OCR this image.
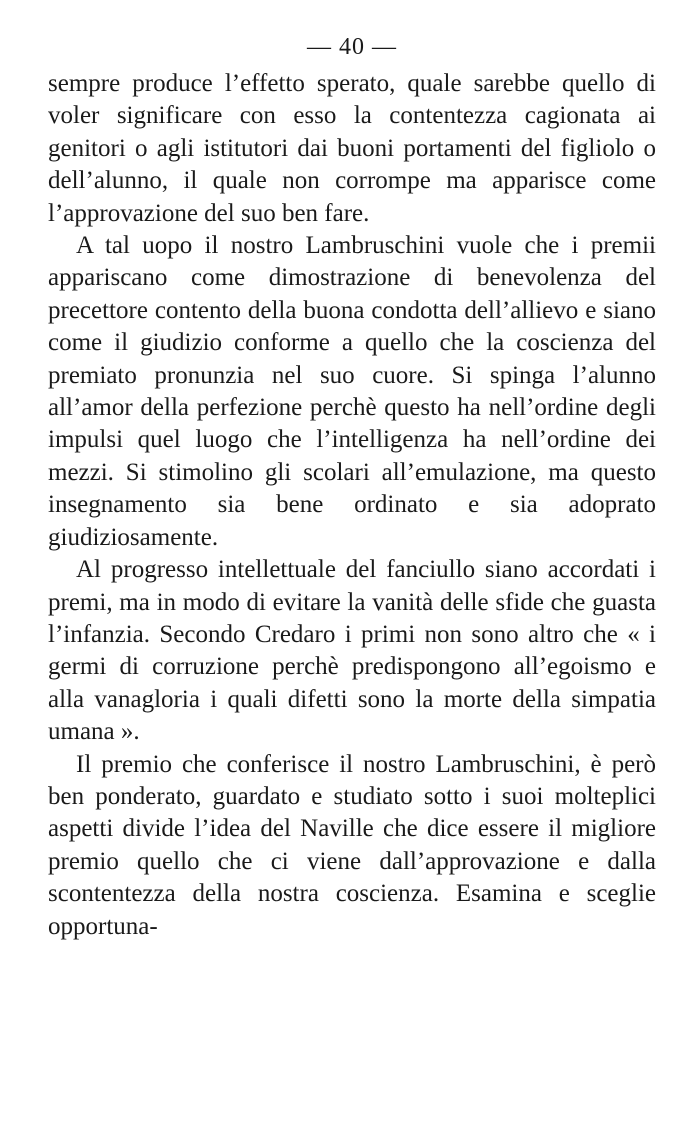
— 40 —

sempre produce l’effetto sperato, quale sarebbe quello di voler significare con esso la contentezza cagionata ai genitori o agli istitutori dai buoni portamenti del figliolo o dell’alunno, il quale non corrompe ma apparisce come l’approvazione del suo ben fare.

A tal uopo il nostro Lambruschini vuole che i premii appariscano come dimostrazione di benevolenza del precettore contento della buona condotta dell’allievo e siano come il giudizio conforme a quello che la coscienza del premiato pronunzia nel suo cuore. Si spinga l’alunno all’amor della perfezione perchè questo ha nell’ordine degli impulsi quel luogo che l’intelligenza ha nell’ordine dei mezzi. Si stimolino gli scolari all’emulazione, ma questo insegnamento sia bene ordinato e sia adoprato giudiziosamente.

Al progresso intellettuale del fanciullo siano accordati i premi, ma in modo di evitare la vanità delle sfide che guasta l’infanzia. Secondo Credaro i primi non sono altro che « i germi di corruzione perchè predispongono all’egoismo e alla vanagloria i quali difetti sono la morte della simpatia umana ».

Il premio che conferisce il nostro Lambruschini, è però ben ponderato, guardato e studiato sotto i suoi molteplici aspetti divide l’idea del Naville che dice essere il migliore premio quello che ci viene dall’approvazione e dalla scontentezza della nostra coscienza. Esamina e sceglie opportuna-
